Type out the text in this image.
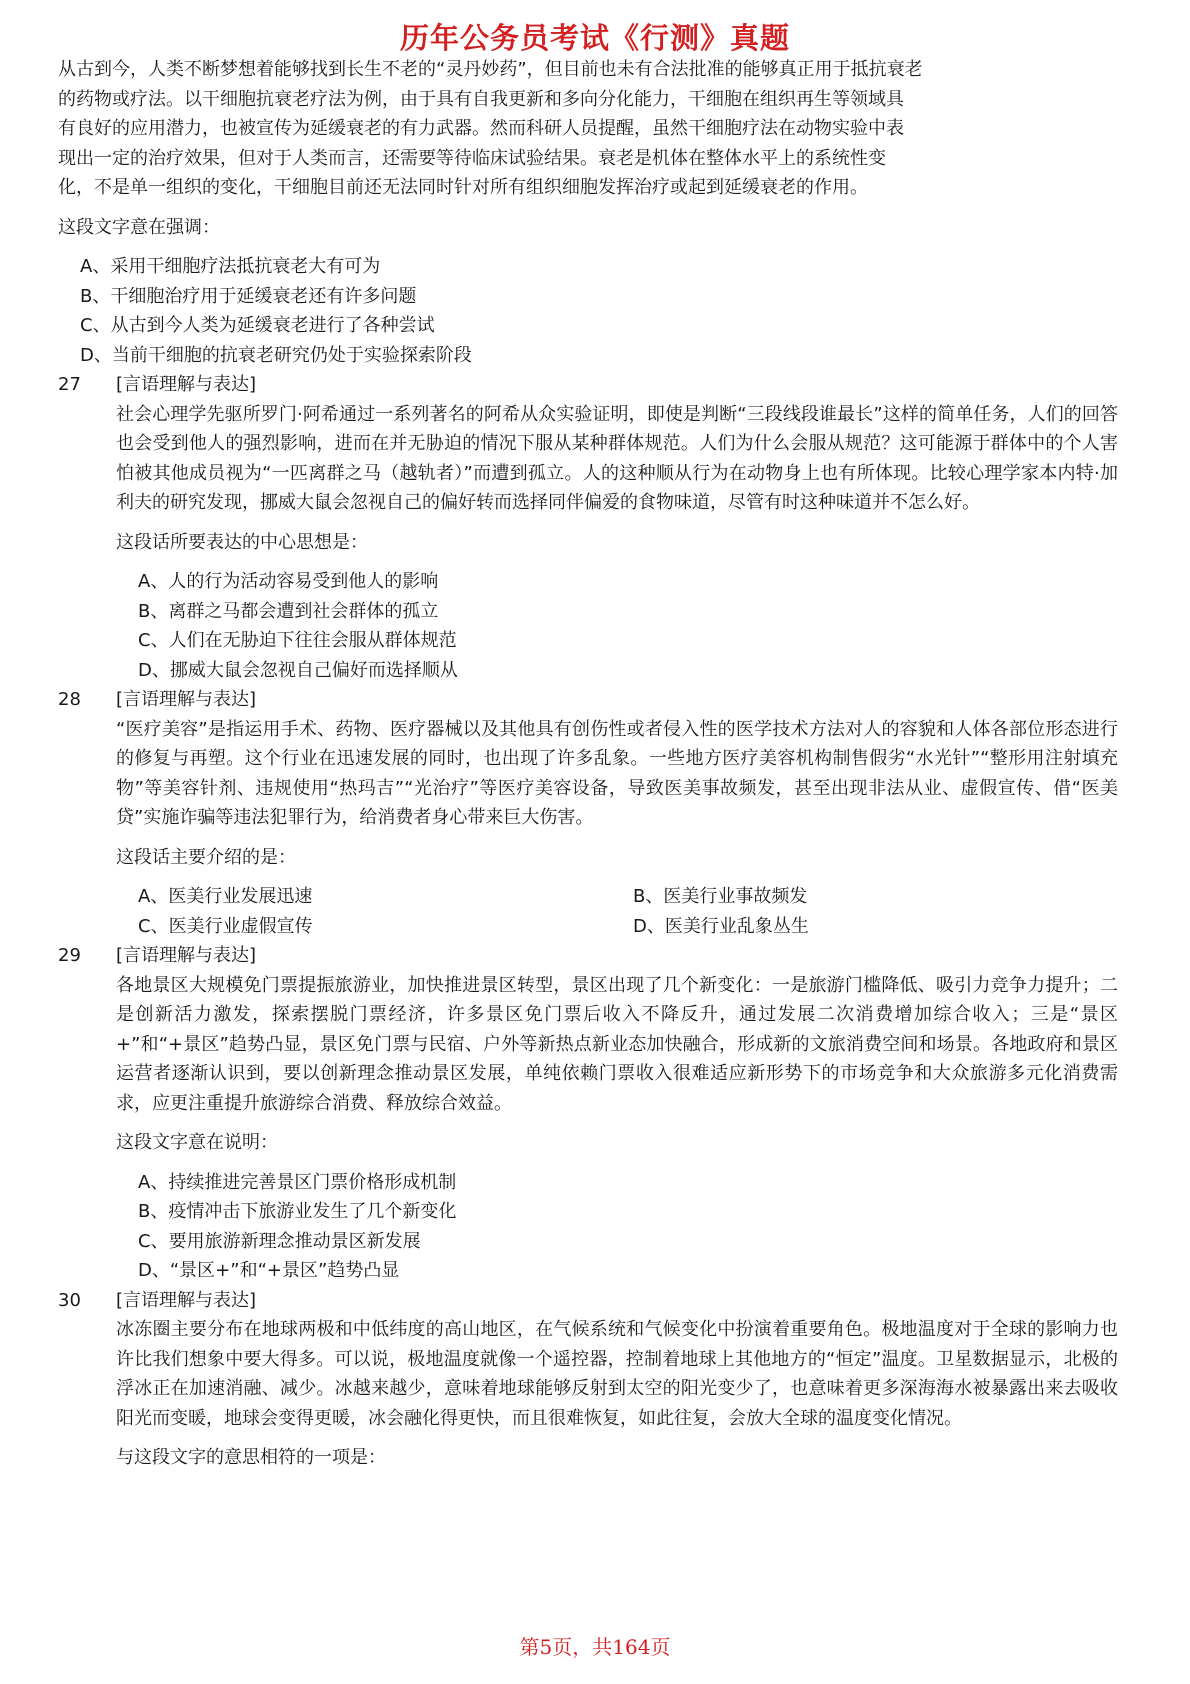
历年公务员考试《行测》真题
从古到今，人类不断梦想着能够找到长生不老的“灵丹妙药”，但目前也未有合法批准的能够真正用于抵抗衰老
的药物或疗法。以干细胞抗衰老疗法为例，由于具有自我更新和多向分化能力，干细胞在组织再生等领域具
有良好的应用潜力，也被宣传为延缓衰老的有力武器。然而科研人员提醒，虽然干细胞疗法在动物实验中表
现出一定的治疗效果，但对于人类而言，还需要等待临床试验结果。衰老是机体在整体水平上的系统性变
化，不是单一组织的变化，干细胞目前还无法同时针对所有组织细胞发挥治疗或起到延缓衰老的作用。
这段文字意在强调：
A、采用干细胞疗法抵抗衰老大有可为
B、干细胞治疗用于延缓衰老还有许多问题
C、从古到今人类为延缓衰老进行了各种尝试
D、当前干细胞的抗衰老研究仍处于实验探索阶段
27 [言语理解与表达]
社会心理学先驱所罗门·阿希通过一系列著名的阿希从众实验证明，即使是判断“三段线段谁最长”这样的简单任务，人们的回答也会受到他人的强烈影响，进而在并无胁迫的情况下服从某种群体规范。人们为什么会服从规范？这可能源于群体中的个人害怕被其他成员视为“一匹离群之马（越轨者）”而遭到孤立。人的这种顺从行为在动物身上也有所体现。比较心理学家本内特·加利夫的研究发现，挪威大鼠会忽视自己的偏好转而选择同伴偏爱的食物味道，尽管有时这种味道并不怎么好。
这段话所要表达的中心思想是：
A、人的行为活动容易受到他人的影响
B、离群之马都会遭到社会群体的孤立
C、人们在无胁迫下往往会服从群体规范
D、挪威大鼠会忽视自己偏好而选择顺从
28 [言语理解与表达]
“医疗美容”是指运用手术、药物、医疗器械以及其他具有创伤性或者侵入性的医学技术方法对人的容貌和人体各部位形态进行的修复与再塑。这个行业在迅速发展的同时，也出现了许多乱象。一些地方医疗美容机构制售假劣“水光针”“整形用注射填充物”等美容针剂、违规使用“热玛吉”“光治疗”等医疗美容设备，导致医美事故频发，甚至出现非法从业、虚假宣传、借“医美贷”实施诈骗等违法犯罪行为，给消费者身心带来巨大伤害。
这段话主要介绍的是：
A、医美行业发展迅速	B、医美行业事故频发
C、医美行业虚假宣传	D、医美行业乱象丛生
29 [言语理解与表达]
各地景区大规模免门票提振旅游业，加快推进景区转型，景区出现了几个新变化：一是旅游门槛降低、吸引力竞争力提升；二是创新活力激发，探索摆脱门票经济，许多景区免门票后收入不降反升，通过发展二次消费增加综合收入；三是“景区+”和“+景区”趋势凸显，景区免门票与民宿、户外等新热点新业态加快融合，形成新的文旅消费空间和场景。各地政府和景区运营者逐渐认识到，要以创新理念推动景区发展，单纯依赖门票收入很难适应新形势下的市场竞争和大众旅游多元化消费需求，应更注重提升旅游综合消费、释放综合效益。
这段文字意在说明：
A、持续推进完善景区门票价格形成机制
B、疫情冲击下旅游业发生了几个新变化
C、要用旅游新理念推动景区新发展
D、“景区+”和“+景区”趋势凸显
30 [言语理解与表达]
冰冻圈主要分布在地球两极和中低纬度的高山地区，在气候系统和气候变化中扮演着重要角色。极地温度对于全球的影响力也许比我们想象中要大得多。可以说，极地温度就像一个遥控器，控制着地球上其他地方的“恒定”温度。卫星数据显示，北极的浮冰正在加速消融、减少。冰越来越少，意味着地球能够反射到太空的阳光变少了，也意味着更多深海海水被暴露出来去吸收阳光而变暖，地球会变得更暖，冰会融化得更快，而且很难恢复，如此往复，会放大全球的温度变化情况。
与这段文字的意思相符的一项是：
第5页，共164页
